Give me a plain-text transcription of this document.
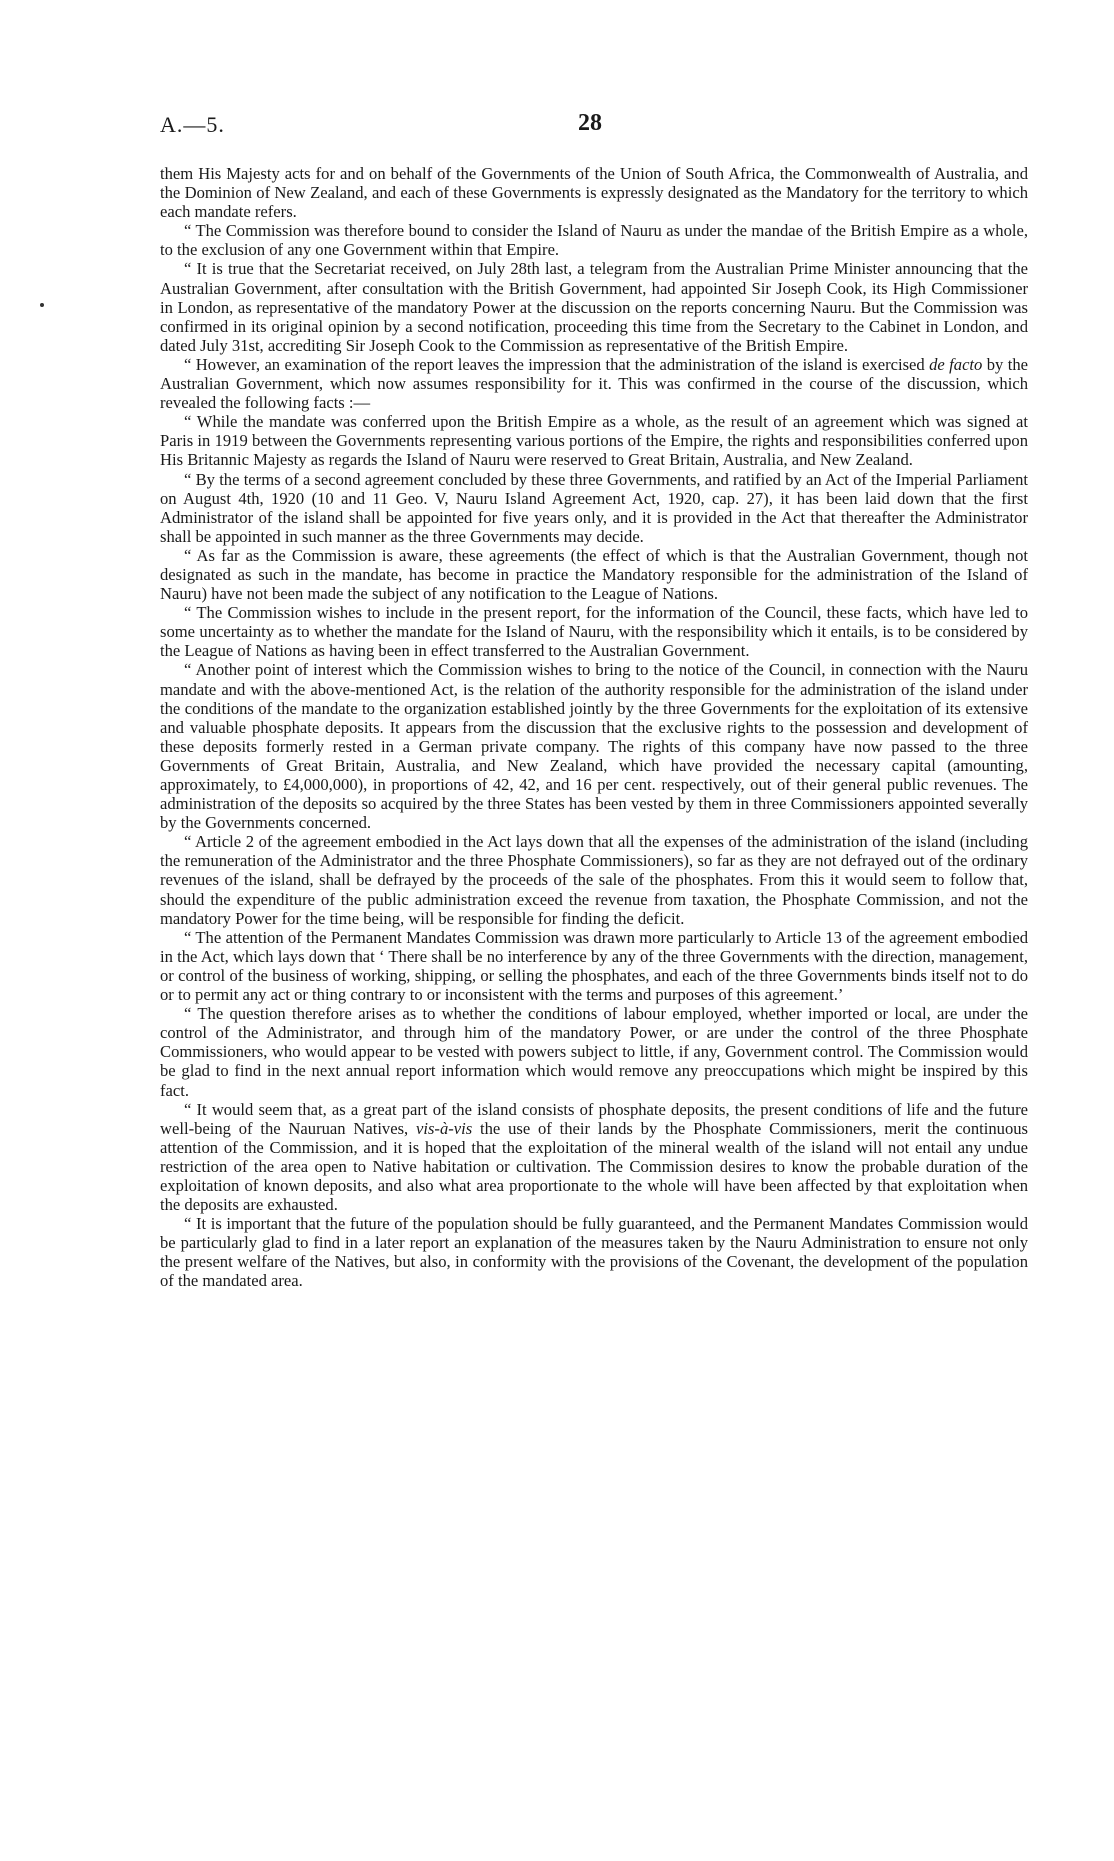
A.—5.	28

them His Majesty acts for and on behalf of the Governments of the Union of South Africa, the Commonwealth of Australia, and the Dominion of New Zealand, and each of these Governments is expressly designated as the Mandatory for the territory to which each mandate refers.

“ The Commission was therefore bound to consider the Island of Nauru as under the mandae of the British Empire as a whole, to the exclusion of any one Government within that Empire.

“ It is true that the Secretariat received, on July 28th last, a telegram from the Australian Prime Minister announcing that the Australian Government, after consultation with the British Government, had appointed Sir Joseph Cook, its High Commissioner in London, as representative of the mandatory Power at the discussion on the reports concerning Nauru. But the Commission was confirmed in its original opinion by a second notification, proceeding this time from the Secretary to the Cabinet in London, and dated July 31st, accrediting Sir Joseph Cook to the Commission as representative of the British Empire.

“ However, an examination of the report leaves the impression that the administration of the island is exercised de facto by the Australian Government, which now assumes responsibility for it. This was confirmed in the course of the discussion, which revealed the following facts :—

“ While the mandate was conferred upon the British Empire as a whole, as the result of an agreement which was signed at Paris in 1919 between the Governments representing various portions of the Empire, the rights and responsibilities conferred upon His Britannic Majesty as regards the Island of Nauru were reserved to Great Britain, Australia, and New Zealand.

“ By the terms of a second agreement concluded by these three Governments, and ratified by an Act of the Imperial Parliament on August 4th, 1920 (10 and 11 Geo. V, Nauru Island Agreement Act, 1920, cap. 27), it has been laid down that the first Administrator of the island shall be appointed for five years only, and it is provided in the Act that thereafter the Administrator shall be appointed in such manner as the three Governments may decide.

“ As far as the Commission is aware, these agreements (the effect of which is that the Australian Government, though not designated as such in the mandate, has become in practice the Mandatory responsible for the administration of the Island of Nauru) have not been made the subject of any notification to the League of Nations.

“ The Commission wishes to include in the present report, for the information of the Council, these facts, which have led to some uncertainty as to whether the mandate for the Island of Nauru, with the responsibility which it entails, is to be considered by the League of Nations as having been in effect transferred to the Australian Government.

“ Another point of interest which the Commission wishes to bring to the notice of the Council, in connection with the Nauru mandate and with the above-mentioned Act, is the relation of the authority responsible for the administration of the island under the conditions of the mandate to the organization established jointly by the three Governments for the exploitation of its extensive and valuable phosphate deposits. It appears from the discussion that the exclusive rights to the possession and development of these deposits formerly rested in a German private company. The rights of this company have now passed to the three Governments of Great Britain, Australia, and New Zealand, which have provided the necessary capital (amounting, approximately, to £4,000,000), in proportions of 42, 42, and 16 per cent. respectively, out of their general public revenues. The administration of the deposits so acquired by the three States has been vested by them in three Commissioners appointed severally by the Governments concerned.

“ Article 2 of the agreement embodied in the Act lays down that all the expenses of the administration of the island (including the remuneration of the Administrator and the three Phosphate Commissioners), so far as they are not defrayed out of the ordinary revenues of the island, shall be defrayed by the proceeds of the sale of the phosphates. From this it would seem to follow that, should the expenditure of the public administration exceed the revenue from taxation, the Phosphate Commission, and not the mandatory Power for the time being, will be responsible for finding the deficit.

“ The attention of the Permanent Mandates Commission was drawn more particularly to Article 13 of the agreement embodied in the Act, which lays down that ‘ There shall be no interference by any of the three Governments with the direction, management, or control of the business of working, shipping, or selling the phosphates, and each of the three Governments binds itself not to do or to permit any act or thing contrary to or inconsistent with the terms and purposes of this agreement.’

“ The question therefore arises as to whether the conditions of labour employed, whether imported or local, are under the control of the Administrator, and through him of the mandatory Power, or are under the control of the three Phosphate Commissioners, who would appear to be vested with powers subject to little, if any, Government control. The Commission would be glad to find in the next annual report information which would remove any preoccupations which might be inspired by this fact.

“ It would seem that, as a great part of the island consists of phosphate deposits, the present conditions of life and the future well-being of the Nauruan Natives, vis-à-vis the use of their lands by the Phosphate Commissioners, merit the continuous attention of the Commission, and it is hoped that the exploitation of the mineral wealth of the island will not entail any undue restriction of the area open to Native habitation or cultivation. The Commission desires to know the probable duration of the exploitation of known deposits, and also what area proportionate to the whole will have been affected by that exploitation when the deposits are exhausted.

“ It is important that the future of the population should be fully guaranteed, and the Permanent Mandates Commission would be particularly glad to find in a later report an explanation of the measures taken by the Nauru Administration to ensure not only the present welfare of the Natives, but also, in conformity with the provisions of the Covenant, the development of the population of the mandated area.
